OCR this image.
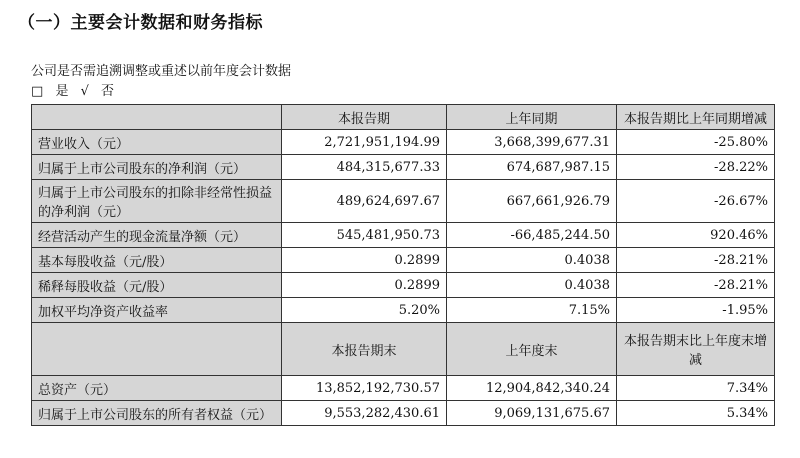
（一）主要会计数据和财务指标
公司是否需追溯调整或重述以前年度会计数据
□ 是 √ 否
	本报告期	上年同期	本报告期比上年同期增减
营业收入（元）	2,721,951,194.99	3,668,399,677.31	-25.80%
归属于上市公司股东的净利润（元）	484,315,677.33	674,687,987.15	-28.22%
归属于上市公司股东的扣除非经常性损益的净利润（元）	489,624,697.67	667,661,926.79	-26.67%
经营活动产生的现金流量净额（元）	545,481,950.73	-66,485,244.50	920.46%
基本每股收益（元/股）	0.2899	0.4038	-28.21%
稀释每股收益（元/股）	0.2899	0.4038	-28.21%
加权平均净资产收益率	5.20%	7.15%	-1.95%
	本报告期末	上年度末	本报告期末比上年度末增减
总资产（元）	13,852,192,730.57	12,904,842,340.24	7.34%
归属于上市公司股东的所有者权益（元）	9,553,282,430.61	9,069,131,675.67	5.34%
